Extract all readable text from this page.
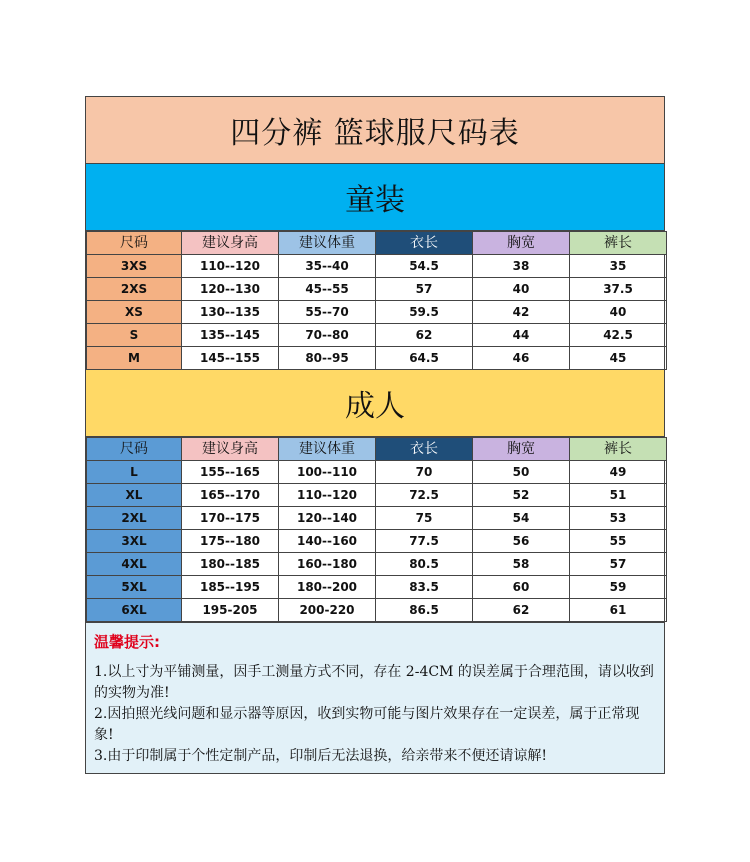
四分裤 篮球服尺码表
童装
尺码	建议身高	建议体重	衣长	胸宽	裤长
3XS	110--120	35--40	54.5	38	35
2XS	120--130	45--55	57	40	37.5
XS	130--135	55--70	59.5	42	40
S	135--145	70--80	62	44	42.5
M	145--155	80--95	64.5	46	45
成人
尺码	建议身高	建议体重	衣长	胸宽	裤长
L	155--165	100--110	70	50	49
XL	165--170	110--120	72.5	52	51
2XL	170--175	120--140	75	54	53
3XL	175--180	140--160	77.5	56	55
4XL	180--185	160--180	80.5	58	57
5XL	185--195	180--200	83.5	60	59
6XL	195-205	200-220	86.5	62	61
温馨提示:
1.以上寸为平铺测量，因手工测量方式不同，存在 2-4CM 的误差属于合理范围，请以收到的实物为准!
2.因拍照光线问题和显示器等原因，收到实物可能与图片效果存在一定误差，属于正常现象!
3.由于印制属于个性定制产品，印制后无法退换，给亲带来不便还请谅解!
